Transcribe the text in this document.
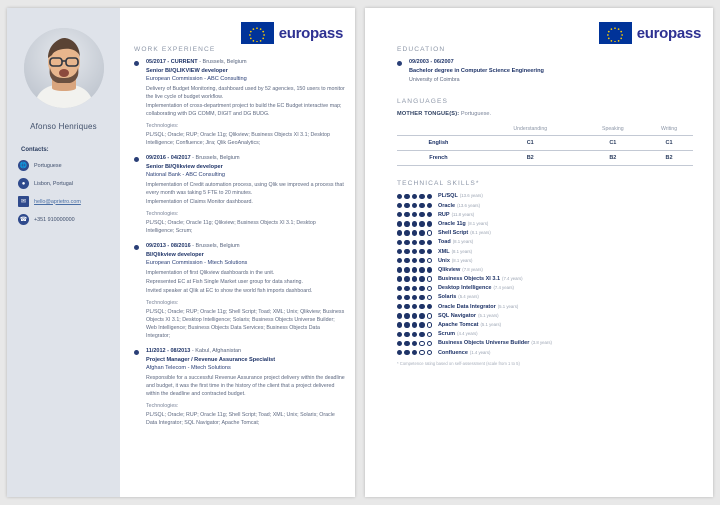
europass
Afonso Henriques
Contacts:
🌐	Portuguese
●	Lisbon, Portugal
✉	hello@aprietro.com
☎	+351 910000000
WORK EXPERIENCE
05/2017 - CURRENT - Brussels, Belgium
Senior BI/QLIKVIEW developer
European Commission - ABC Consulting
Delivery of Budget Monitoring, dashboard used by 52 agencies, 150 users to monitor the live cycle of budget workflow.
Implementation of cross-department project to build the EC Budget interactive map; collaborating with DG COMM, DIGIT and DG BUDG.
Technologies:
PL/SQL; Oracle; RUP; Oracle 11g; Qlikview; Business Objects XI 3.1; Desktop Intelligence; Confluence; Jira; Qlik GeoAnalytics;
09/2016 - 04/2017 - Brussels, Belgium
Senior BI/Qlikview developer
National Bank - ABC Consulting
Implementation of Credit automation process, using Qlik we improved a process that every month was taking 5 FTE to 20 minutes.
Implementation of Claims Monitor dashboard.
Technologies:
PL/SQL; Oracle; Oracle 11g; Qlikview; Business Objects XI 3.1; Desktop Intelligence; Scrum;
09/2013 - 08/2016 - Brussels, Belgium
BI/Qlikview developer
European Commission - Mtech Solutions
Implementation of first Qlikview dashboards in the unit.
Represented EC at Fish Single Market user group for data sharing.
Invited speaker at Qlik at EC to show the world fish imports dashboard.
Technologies:
PL/SQL; Oracle; RUP; Oracle 11g; Shell Script; Toad; XML; Unix; Qlikview; Business Objects XI 3.1; Desktop Intelligence; Solaris; Business Objects Universe Builder; Web Intelligence; Business Objects Data Services; Business Objects Data Integrator;
11/2012 - 08/2013 - Kabul, Afghanistan
Project Manager / Revenue Assurance Specialist
Afghan Telecom - Mtech Solutions
Responsible for a successful Revenue Assurance project delivery within the deadline and budget, it was the first time in the history of the client that a project delivered within the deadline and contracted budget.
Technologies:
PL/SQL; Oracle; RUP; Oracle 11g; Shell Script; Toad; XML; Unix; Solaris; Oracle Data Integrator; SQL Navigator; Apache Tomcat;
europass
EDUCATION
09/2003 - 06/2007
Bachelor degree in Computer Science Engineering
University of Coimbra
LANGUAGES
MOTHER TONGUE(S): Portuguese.
	Understanding	Speaking	Writing
English	C1	C1	C1
French	B2	B2	B2
TECHNICAL SKILLS*
PL/SQL (13.6 years)
Oracle (13.6 years)
RUP (11.8 years)
Oracle 11g (8.1 years)
Shell Script (8.1 years)
Toad (8.1 years)
XML (8.1 years)
Unix (8.1 years)
Qlikview (7.8 years)
Business Objects XI 3.1 (7.4 years)
Desktop Intelligence (7.4 years)
Solaris (5.4 years)
Oracle Data Integrator (5.1 years)
SQL Navigator (5.1 years)
Apache Tomcat (5.1 years)
Scrum (4.4 years)
Business Objects Universe Builder (3.8 years)
Confluence (1.4 years)
* Competence rating based on self-assessment (scale from 1 to 5)
